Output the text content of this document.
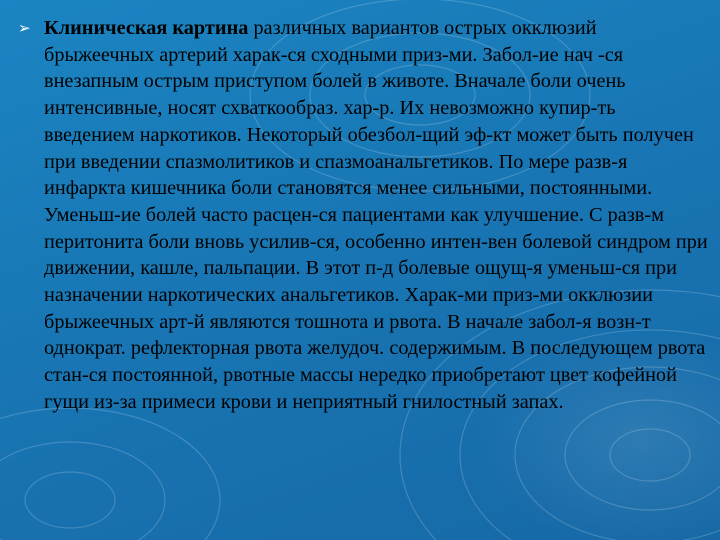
➢ Клиническая картина различных вариантов острых окклюзий брыжеечных артерий харак-ся сходными приз-ми. Забол-ие нач -ся внезапным острым приступом болей в животе. Вначале боли очень интенсивные, носят схваткообраз. хар-р. Их невозможно купир-ть введением наркотиков. Некоторый обезбол-щий эф-кт может быть получен при введении спазмолитиков и спазмоанальгетиков. По мере разв-я инфаркта кишечника боли становятся менее сильными, постоянными. Уменьш-ие болей часто расцен-ся пациентами как улучшение. С разв-м перитонита боли вновь усилив-ся, особенно интен-вен болевой синдром при движении, кашле, пальпации. В этот п-д болевые ощущ-я уменьш-ся при назначении наркотических анальгетиков. Харак-ми приз-ми окклюзии брыжеечных арт-й являются тошнота и рвота. В начале забол-я возн-т однократ. рефлекторная рвота желудоч. содержимым. В последующем рвота стан-ся постоянной, рвотные массы нередко приобретают цвет кофейной гущи из-за примеси крови и неприятный гнилостный запах.
